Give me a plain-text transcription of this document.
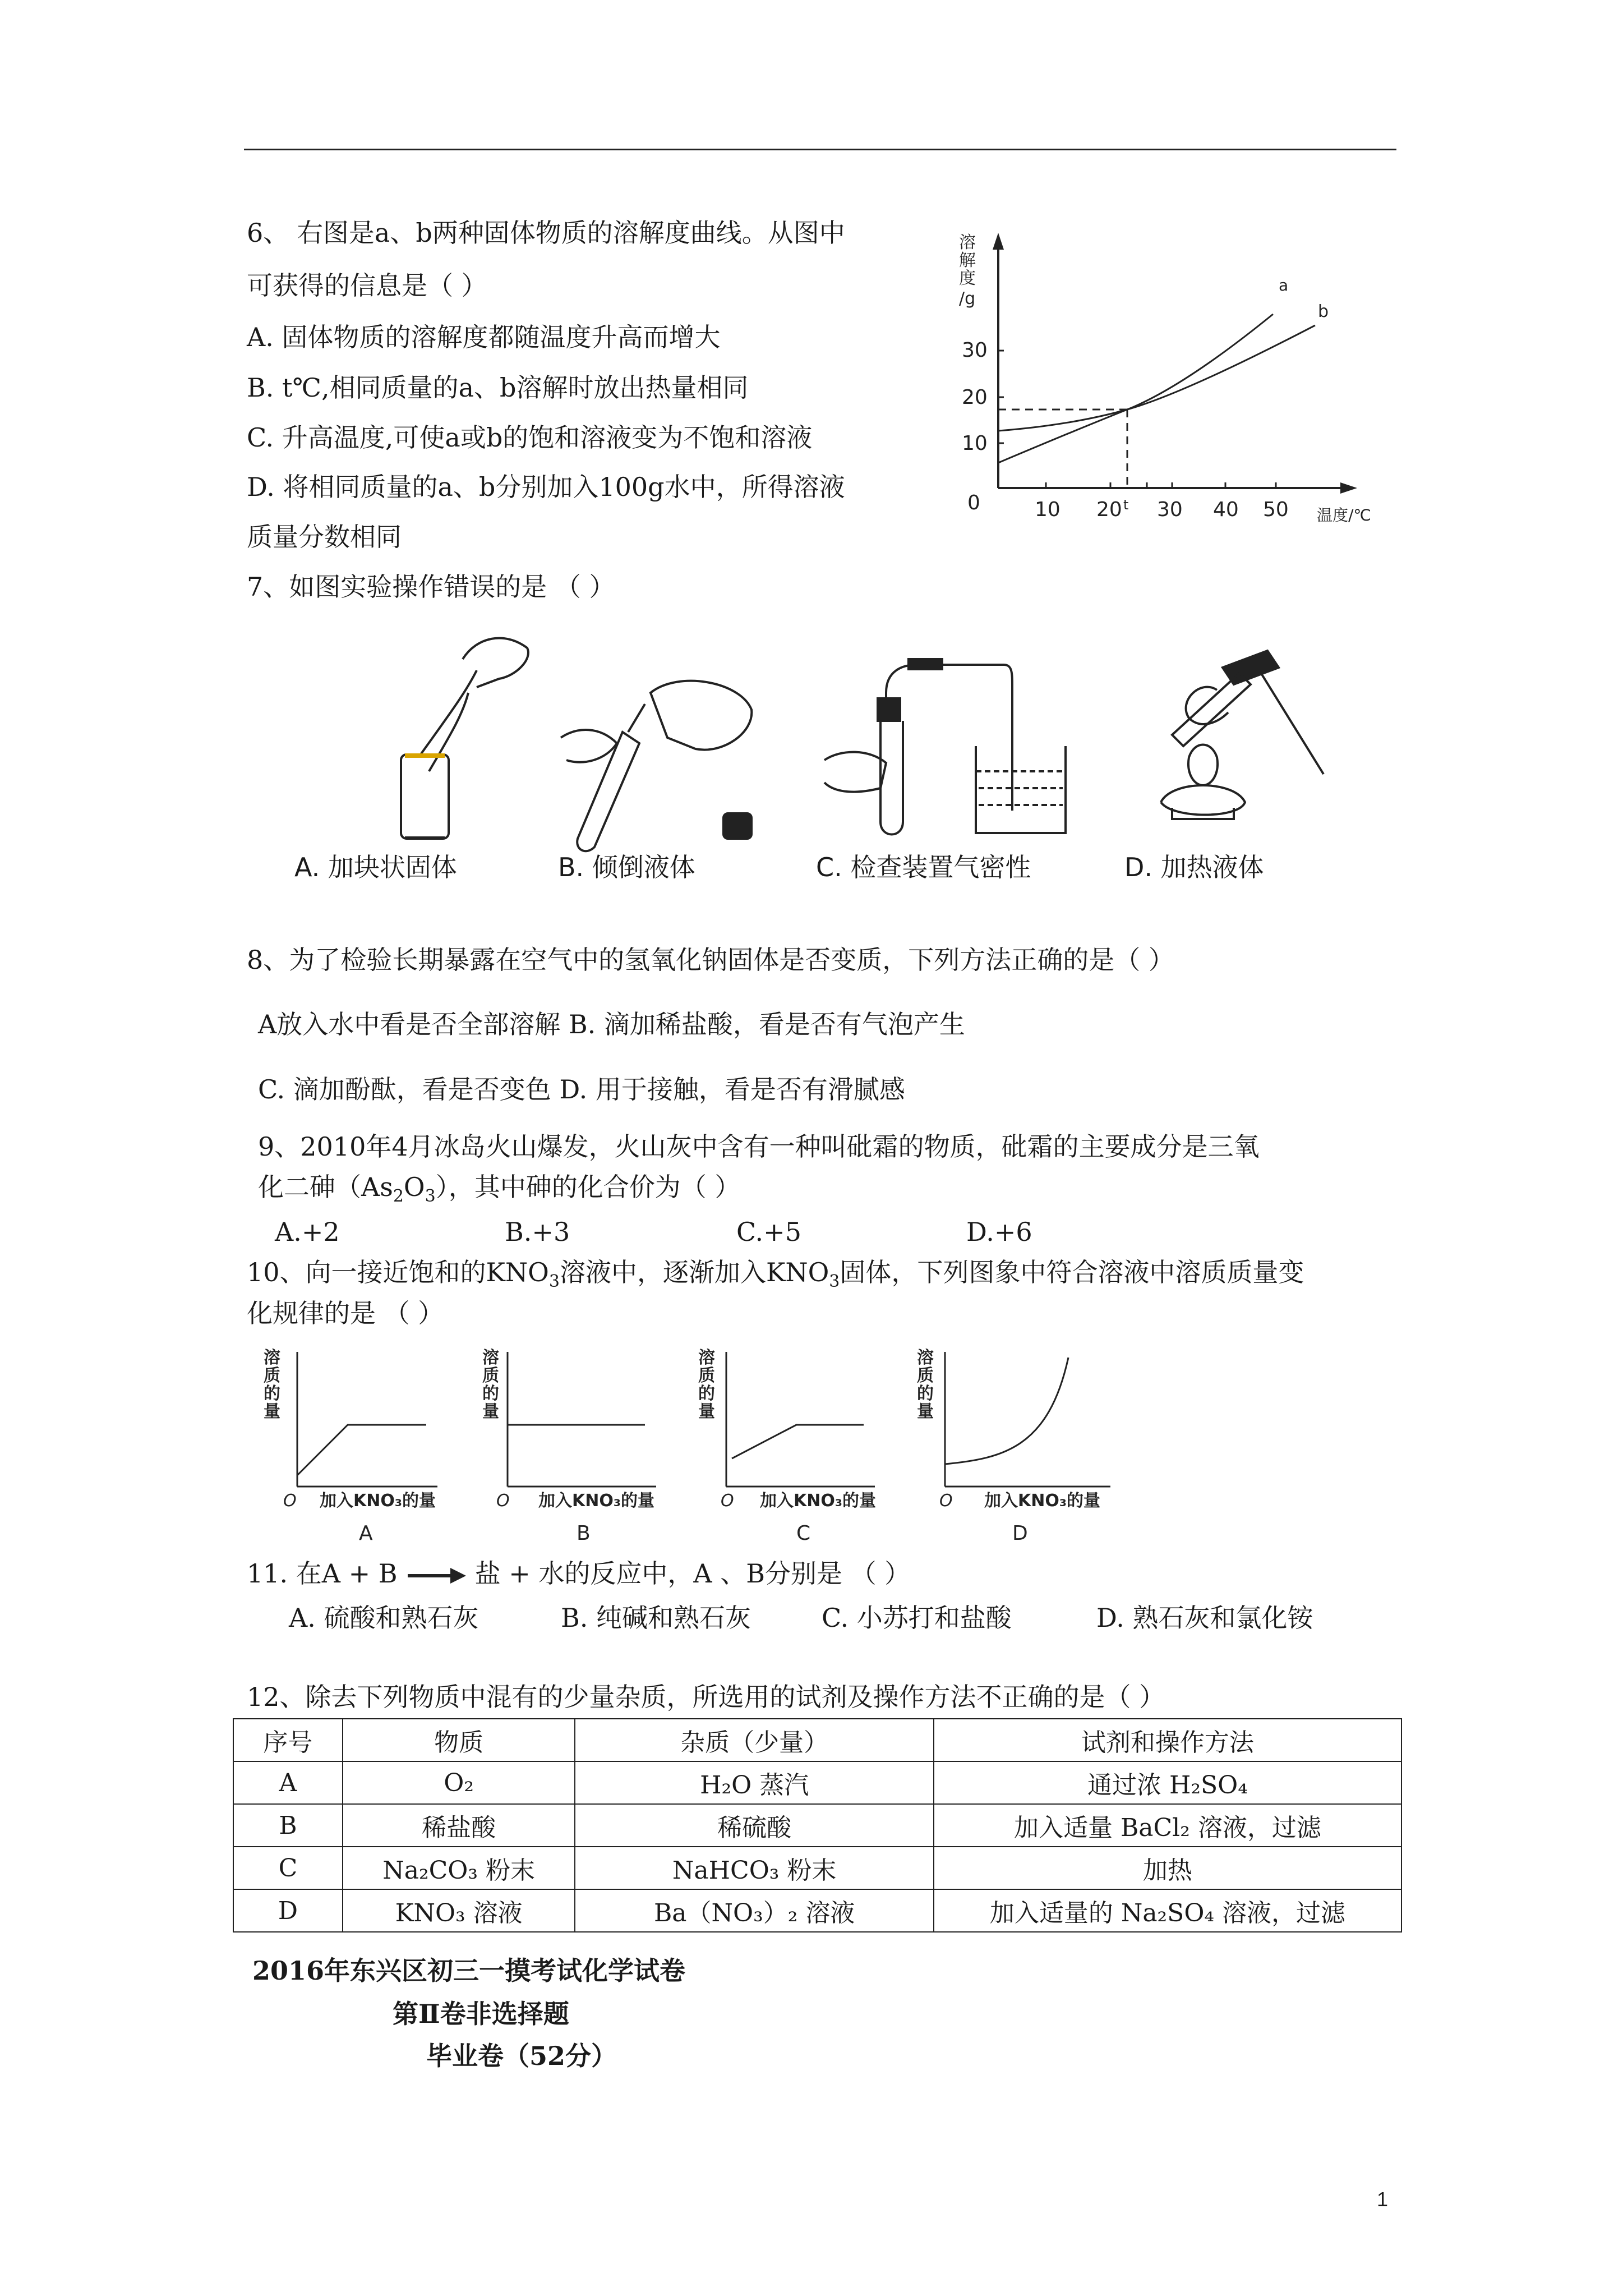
6、 右图是a、b两种固体物质的溶解度曲线。从图中
可获得的信息是（ ）
A. 固体物质的溶解度都随温度升高而增大
B. t℃,相同质量的a、b溶解时放出热量相同
C. 升高温度,可使a或b的饱和溶液变为不饱和溶液
D. 将相同质量的a、b分别加入100g水中，所得溶液
质量分数相同
溶
解
度
/g
30
20
10
0	10 20 t 30 40 50 温度/℃
a
b
7、如图实验操作错误的是 （ ）
A. 加块状固体	B. 倾倒液体	C. 检查装置气密性	D. 加热液体
8、为了检验长期暴露在空气中的氢氧化钠固体是否变质，下列方法正确的是（ ）
A放入水中看是否全部溶解 B. 滴加稀盐酸，看是否有气泡产生
C. 滴加酚酞，看是否变色 D. 用于接触，看是否有滑腻感
9、2010年4月冰岛火山爆发，火山灰中含有一种叫砒霜的物质，砒霜的主要成分是三氧
化二砷$(As_2O_3)$，其中砷的化合价为（ ）
A.+2	B.+3	C.+5	D.+6
10、向一接近饱和的$KNO_3$溶液中，逐渐加入$KNO_3$固体，下列图象中符合溶液中溶质质量变
化规律的是 （ ）
溶
质
的
量
O 加入KNO₃的量
A
溶
质
的
量
O 加入KNO₃的量
B
溶
质
的
量
O 加入KNO₃的量
C
溶
质
的
量
O 加入KNO₃的量
D
11. 在A + B → 盐 + 水的反应中，A 、B分别是 （ ）
A. 硫酸和熟石灰	B. 纯碱和熟石灰	C. 小苏打和盐酸	D. 熟石灰和氯化铵
12、除去下列物质中混有的少量杂质，所选用的试剂及操作方法不正确的是（ ）
序号	物质	杂质（少量）	试剂和操作方法
A	O₂	H₂O 蒸汽	通过浓 H₂SO₄
B	稀盐酸	稀硫酸	加入适量 BaCl₂ 溶液，过滤
C	Na₂CO₃ 粉末	NaHCO₃ 粉末	加热
D	KNO₃ 溶液	Ba（NO₃）₂ 溶液	加入适量的 Na₂SO₄ 溶液，过滤
2016年东兴区初三一摸考试化学试卷
第Ⅱ卷非选择题
毕业卷（52分）
1
